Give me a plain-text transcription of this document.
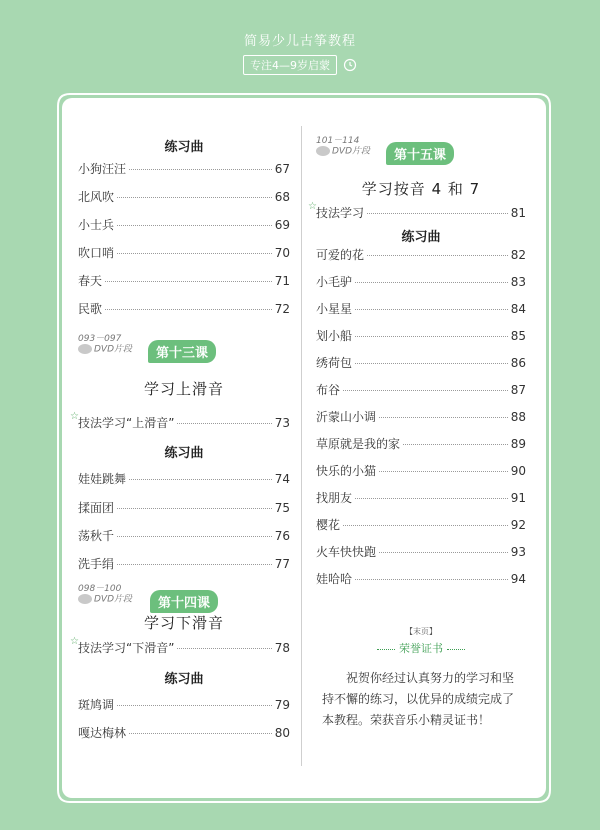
简易少儿古筝教程
专注4—9岁启蒙
练习曲
小狗汪汪	67
北风吹	68
小士兵	69
吹口哨	70
春天	71
民歌	72
093－097
DVD片段	第十三课
学习上滑音
☆ 技法学习“上滑音”	73
练习曲
娃娃跳舞	74
揉面团	75
荡秋千	76
洗手绢	77
098－100
DVD片段	第十四课
学习下滑音
☆ 技法学习“下滑音”	78
练习曲
斑鸠调	79
嘎达梅林	80
101－114
DVD片段	第十五课
学习按音 4 和 7
☆ 技法学习	81
练习曲
可爱的花	82
小毛驴	83
小星星	84
划小船	85
绣荷包	86
布谷	87
沂蒙山小调	88
草原就是我的家	89
快乐的小猫	90
找朋友	91
樱花	92
火车快快跑	93
娃哈哈	94
【末页】
荣誉证书
祝贺你经过认真努力的学习和坚持不懈的练习，以优异的成绩完成了本教程。荣获音乐小精灵证书！
